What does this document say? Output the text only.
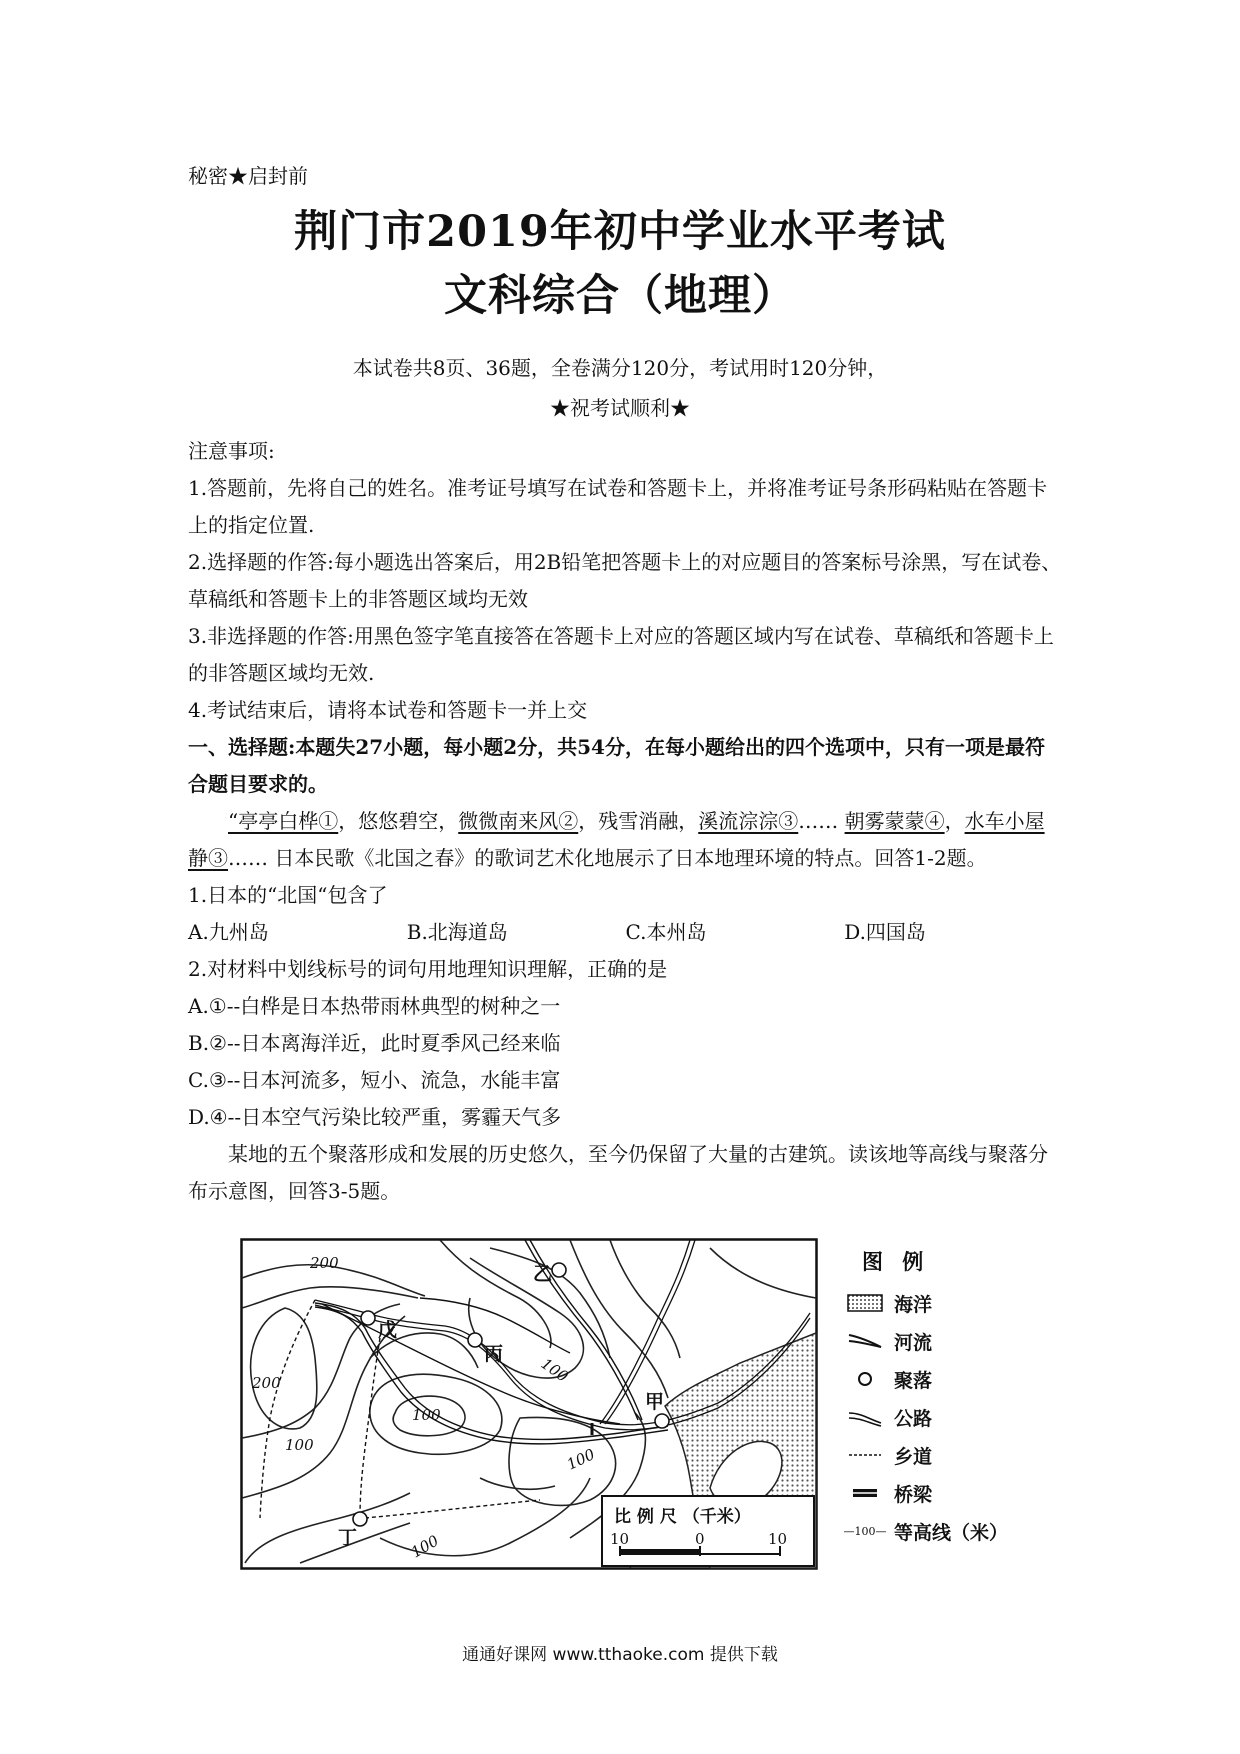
秘密★启封前
荆门市2019年初中学业水平考试
文科综合（地理）
本试卷共8页、36题，全卷满分120分，考试用时120分钟，
★祝考试顺利★
注意事项:
1.答题前，先将自己的姓名。准考证号填写在试卷和答题卡上，并将准考证号条形码粘贴在答题卡上的指定位置.
2.选择题的作答:每小题选出答案后，用2B铅笔把答题卡上的对应题目的答案标号涂黑，写在试卷、草稿纸和答题卡上的非答题区域均无效
3.非选择题的作答:用黑色签字笔直接答在答题卡上对应的答题区域内写在试卷、草稿纸和答题卡上的非答题区域均无效.
4.考试结束后，请将本试卷和答题卡一并上交
一、选择题:本题失27小题，每小题2分，共54分，在每小题给出的四个选项中，只有一项是最符合题目要求的。
“亭亭白桦①，悠悠碧空，微微南来风②，残雪消融，溪流淙淙③…… 朝雾蒙蒙④，水车小屋静③…… 日本民歌《北国之春》的歌词艺术化地展示了日本地理环境的特点。回答1-2题。
1.日本的“北国“包含了
A.九州岛	B.北海道岛	C.本州岛	D.四国岛
2.对材料中划线标号的词句用地理知识理解，正确的是
A.①--白桦是日本热带雨林典型的树种之一
B.②--日本离海洋近，此时夏季风己经来临
C.③--日本河流多，短小、流急，水能丰富
D.④--日本空气污染比较严重，雾霾天气多
某地的五个聚落形成和发展的历史悠久，至今仍保留了大量的古建筑。读该地等高线与聚落分布示意图，回答3-5题。
乙
戊
丙
甲
丁
200
200
100
100
100
100
100
比 例 尺 （千米）
10	0	10
图 例
海洋
河流
聚落
公路
乡道
桥梁
— 100 — 等高线（米）
通通好课网 www.tthaoke.com 提供下载
